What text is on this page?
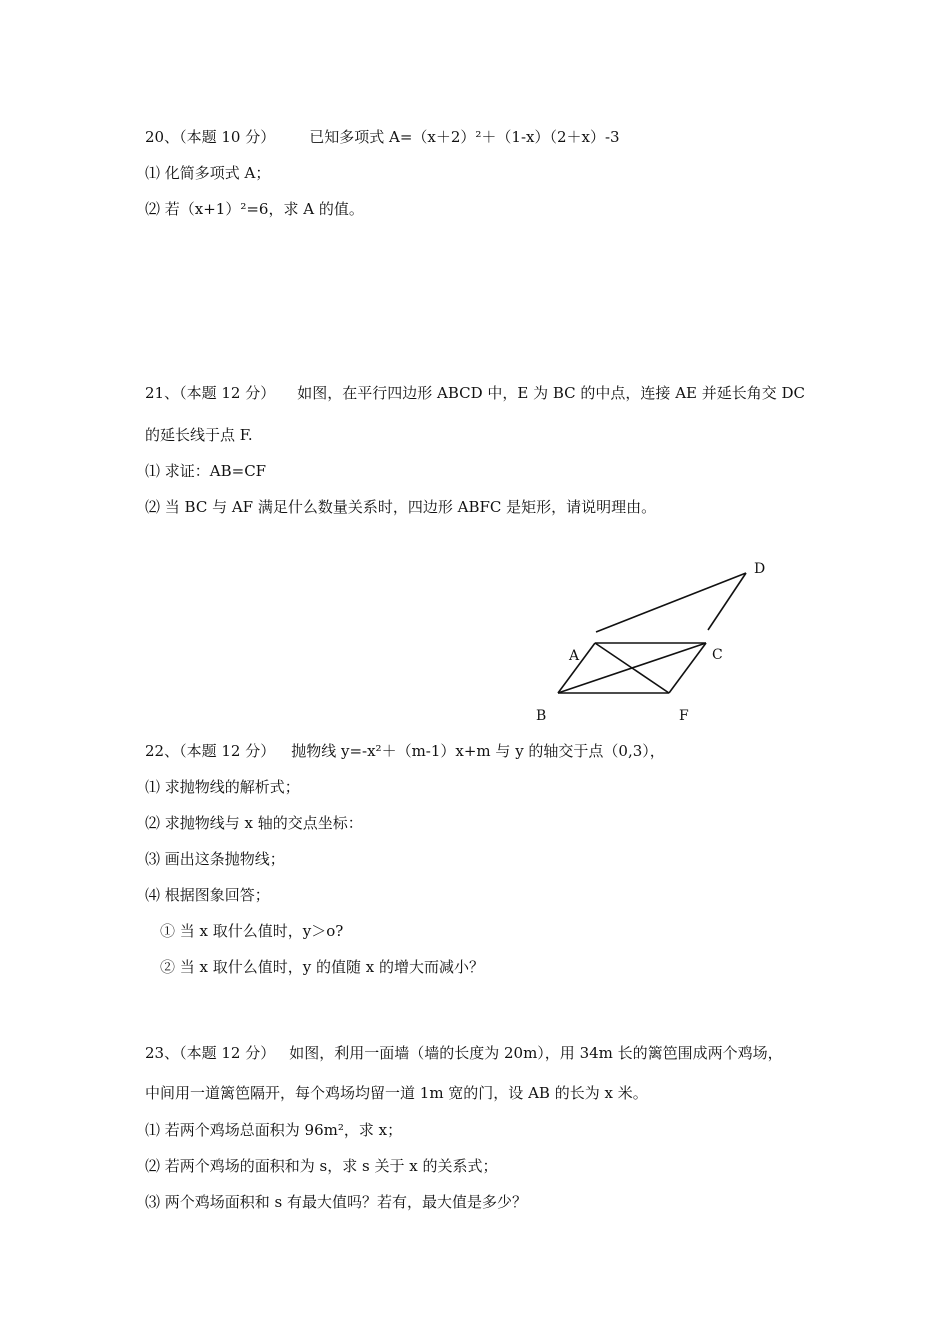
20、（本题 10 分） 已知多项式 A=（x＋2）²＋（1-x）（2＋x）-3
⑴ 化简多项式 A；
⑵ 若（x+1）²=6，求 A 的值。
21、（本题 12 分） 如图，在平行四边形 ABCD 中，E 为 BC 的中点，连接 AE 并延长角交 DC
的延长线于点 F.
⑴ 求证：AB=CF
⑵ 当 BC 与 AF 满足什么数量关系时，四边形 ABFC 是矩形，请说明理由。
A	C
D
B	F
22、（本题 12 分） 抛物线 y=-x²＋（m-1）x+m 与 y 的轴交于点（0,3），
⑴ 求抛物线的解析式；
⑵ 求抛物线与 x 轴的交点坐标：
⑶ 画出这条抛物线；
⑷ 根据图象回答；
① 当 x 取什么值时，y＞o?
② 当 x 取什么值时，y 的值随 x 的增大而减小？
23、（本题 12 分） 如图，利用一面墙（墙的长度为 20m），用 34m 长的篱笆围成两个鸡场，
中间用一道篱笆隔开，每个鸡场均留一道 1m 宽的门，设 AB 的长为 x 米。
⑴ 若两个鸡场总面积为 96m²，求 x；
⑵ 若两个鸡场的面积和为 s，求 s 关于 x 的关系式；
⑶ 两个鸡场面积和 s 有最大值吗？若有，最大值是多少？
